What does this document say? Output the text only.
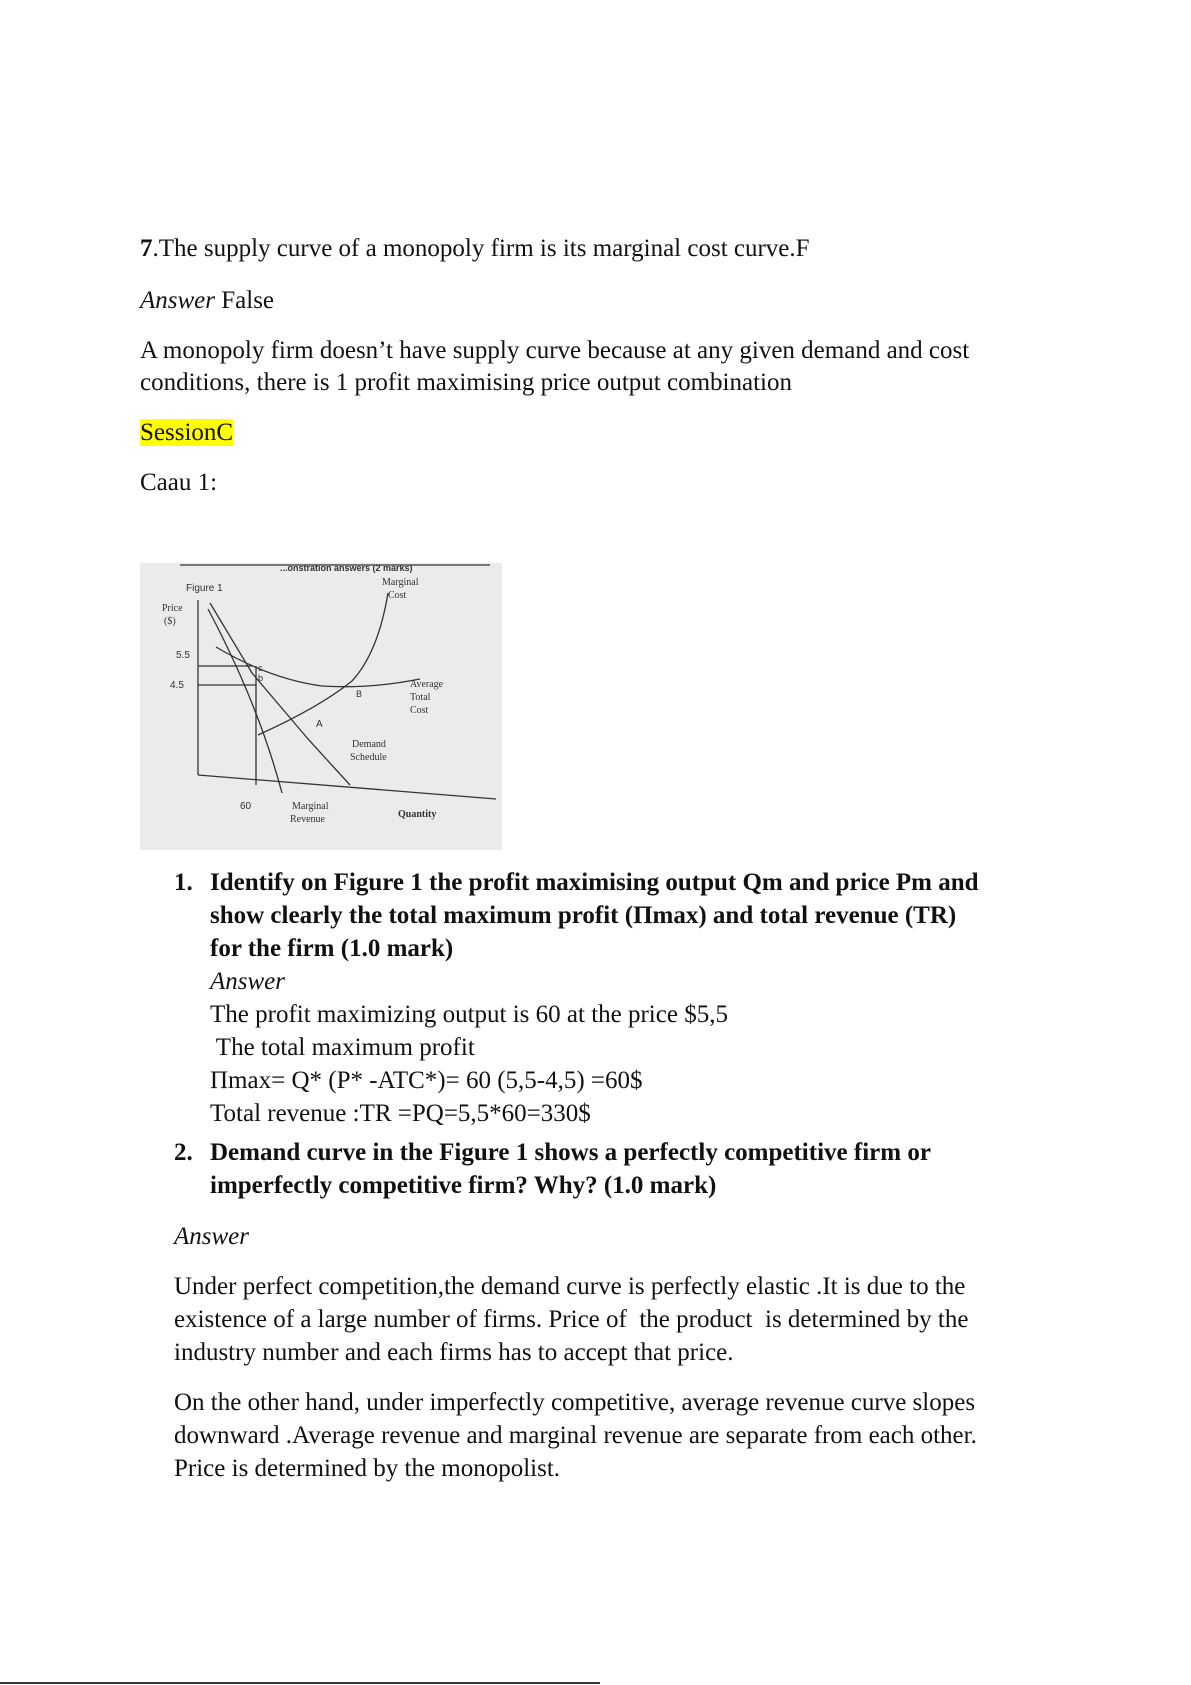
7.The supply curve of a monopoly firm is its marginal cost curve.F

Answer False

A monopoly firm doesn’t have supply curve because at any given demand and cost

conditions, there is 1 profit maximising price output combination

SessionC

Caau 1:

...onstration answers (2 marks)
Figure 1
Price
($)
5.5
4.5
60
Marginal
Cost
Average
Total
Cost
Demand
Schedule
Marginal
Revenue	Quantity
A
B
b
c
1. Identify on Figure 1 the profit maximising output Qm and price Pm and
show clearly the total maximum profit (Πmax) and total revenue (TR)
for the firm (1.0 mark)
Answer
The profit maximizing output is 60 at the price $5,5
The total maximum profit
Πmax= Q* (P* -ATC*)= 60 (5,5-4,5) =60$
Total revenue :TR =PQ=5,5*60=330$
2. Demand curve in the Figure 1 shows a perfectly competitive firm or
imperfectly competitive firm? Why? (1.0 mark)

Answer

Under perfect competition,the demand curve is perfectly elastic .It is due to the
existence of a large number of firms. Price of  the product  is determined by the
industry number and each firms has to accept that price.
On the other hand, under imperfectly competitive, average revenue curve slopes
downward .Average revenue and marginal revenue are separate from each other.
Price is determined by the monopolist.
